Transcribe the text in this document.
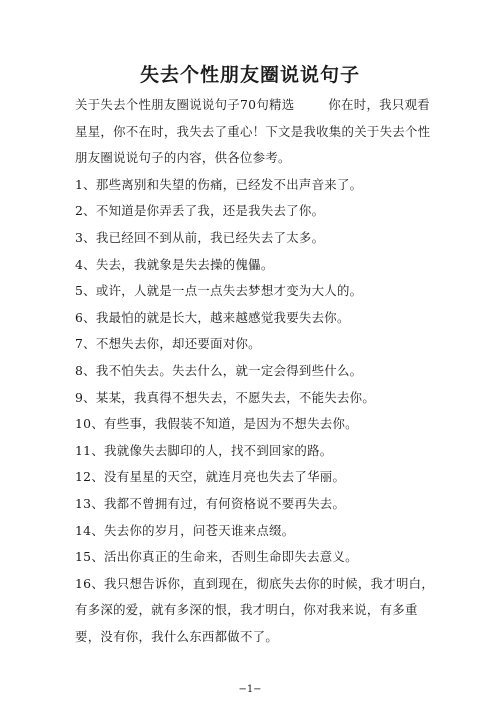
失去个性朋友圈说说句子

关于失去个性朋友圈说说句子70句精选	你在时，我只观看星星，你不在时，我失去了重心！下文是我收集的关于失去个性朋友圈说说句子的内容，供各位参考。

1、那些离别和失望的伤痛，已经发不出声音来了。

2、不知道是你弄丢了我，还是我失去了你。

3、我已经回不到从前，我已经失去了太多。

4、失去，我就象是失去操的傀儡。

5、或许，人就是一点一点失去梦想才变为大人的。

6、我最怕的就是长大，越来越感觉我要失去你。

7、不想失去你，却还要面对你。

8、我不怕失去。失去什么，就一定会得到些什么。

9、某某，我真得不想失去，不愿失去，不能失去你。

10、有些事，我假装不知道，是因为不想失去你。

11、我就像失去脚印的人，找不到回家的路。

12、没有星星的天空，就连月亮也失去了华丽。

13、我都不曾拥有过，有何资格说不要再失去。

14、失去你的岁月，问苍天谁来点缀。

15、活出你真正的生命来，否则生命即失去意义。

16、我只想告诉你，直到现在，彻底失去你的时候，我才明白，有多深的爱，就有多深的恨，我才明白，你对我来说，有多重要，没有你，我什么东西都做不了。

−1−
